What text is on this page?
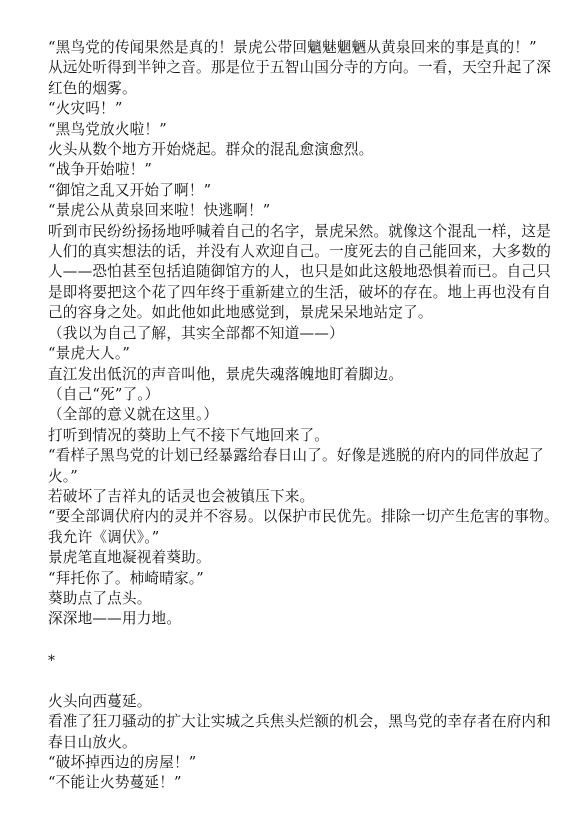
“黑鸟党的传闻果然是真的！景虎公带回魑魅魍魉从黄泉回来的事是真的！”

从远处听得到半钟之音。那是位于五智山国分寺的方向。一看，天空升起了深红色的烟雾。

“火灾吗！”

“黑鸟党放火啦！”

火头从数个地方开始烧起。群众的混乱愈演愈烈。

“战争开始啦！”

“御馆之乱又开始了啊！”

“景虎公从黄泉回来啦！快逃啊！”

听到市民纷纷扬扬地呼喊着自己的名字，景虎呆然。就像这个混乱一样，这是人们的真实想法的话，并没有人欢迎自己。一度死去的自己能回来，大多数的人——恐怕甚至包括追随御馆方的人，也只是如此这般地恐惧着而已。自己只是即将要把这个花了四年终于重新建立的生活，破坏的存在。地上再也没有自己的容身之处。如此他如此地感觉到，景虎呆呆地站定了。

（我以为自己了解，其实全部都不知道——）

“景虎大人。”

直江发出低沉的声音叫他，景虎失魂落魄地盯着脚边。

（自己“死”了。）

（全部的意义就在这里。）

打听到情况的葵助上气不接下气地回来了。

“看样子黑鸟党的计划已经暴露给春日山了。好像是逃脱的府内的同伴放起了火。”

若破坏了吉祥丸的话灵也会被镇压下来。

“要全部调伏府内的灵并不容易。以保护市民优先。排除一切产生危害的事物。我允许《调伏》。”

景虎笔直地凝视着葵助。

“拜托你了。柿崎晴家。”

葵助点了点头。

深深地——用力地。

*

火头向西蔓延。

看准了狂刀骚动的扩大让实城之兵焦头烂额的机会，黑鸟党的幸存者在府内和春日山放火。

“破坏掉西边的房屋！”

“不能让火势蔓延！”
